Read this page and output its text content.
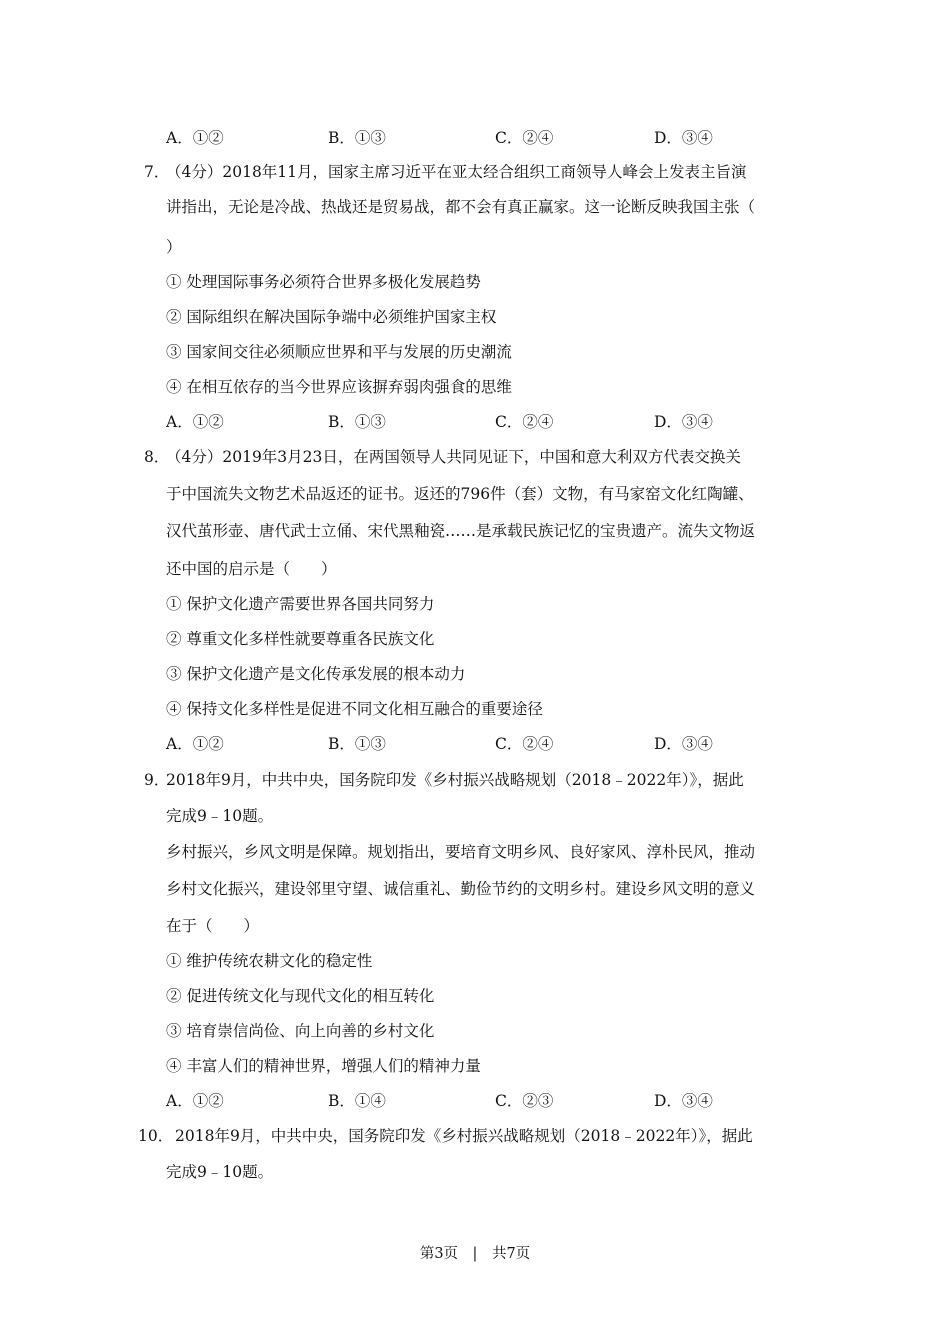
A．①②	B．①③	C．②④	D．③④
7．
（4分）2018年11月，国家主席习近平在亚太经合组织工商领导人峰会上发表主旨演
讲指出，无论是冷战、热战还是贸易战，都不会有真正赢家。这一论断反映我国主张（
）
① 处理国际事务必须符合世界多极化发展趋势
② 国际组织在解决国际争端中必须维护国家主权
③ 国家间交往必须顺应世界和平与发展的历史潮流
④ 在相互依存的当今世界应该摒弃弱肉强食的思维
A．①②	B．①③	C．②④	D．③④
8．
（4分）2019年3月23日，在两国领导人共同见证下，中国和意大利双方代表交换关
于中国流失文物艺术品返还的证书。返还的796件（套）文物，有马家窑文化红陶罐、
汉代茧形壶、唐代武士立俑、宋代黑釉瓷……是承载民族记忆的宝贵遗产。流失文物返
还中国的启示是（　　）
① 保护文化遗产需要世界各国共同努力
② 尊重文化多样性就要尊重各民族文化
③ 保护文化遗产是文化传承发展的根本动力
④ 保持文化多样性是促进不同文化相互融合的重要途径
A．①②	B．①③	C．②④	D．③④
9．
2018年9月，中共中央，国务院印发《乡村振兴战略规划（2018﹣2022年）》，据此
完成9﹣10题。
乡村振兴，乡风文明是保障。规划指出，要培育文明乡风、良好家风、淳朴民风，推动
乡村文化振兴，建设邻里守望、诚信重礼、勤俭节约的文明乡村。建设乡风文明的意义
在于（　　）
① 维护传统农耕文化的稳定性
② 促进传统文化与现代文化的相互转化
③ 培育崇信尚俭、向上向善的乡村文化
④ 丰富人们的精神世界，增强人们的精神力量
A．①②	B．①④	C．②③	D．③④
10． 2018年9月，中共中央，国务院印发《乡村振兴战略规划（2018﹣2022年）》，据此
完成9﹣10题。
第3页　|　共7页
